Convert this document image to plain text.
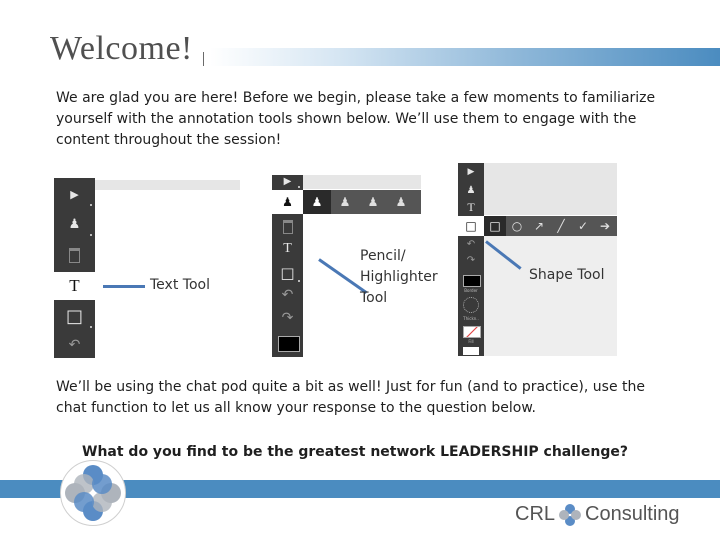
Welcome!
We are glad you are here! Before we begin, please take a few moments to familiarize yourself with the annotation tools shown below. We’ll use them to engage with the content throughout the session!
▶
♟
T
□
↶
Text Tool
▶
♟ ♟ ♟ ♟ ♟
T
□
↶
↷
Pencil/
Highlighter
Tool
▶
♟
T
□ □ ○ ↗ ╱ ✓ ➔
↶
↷
Border
Thickn..
Fill
Shape Tool
We’ll be using the chat pod quite a bit as well! Just for fun (and to practice), use the chat function to let us all know your response to the question below.
What do you find to be the greatest network LEADERSHIP challenge?
CRL Consulting
